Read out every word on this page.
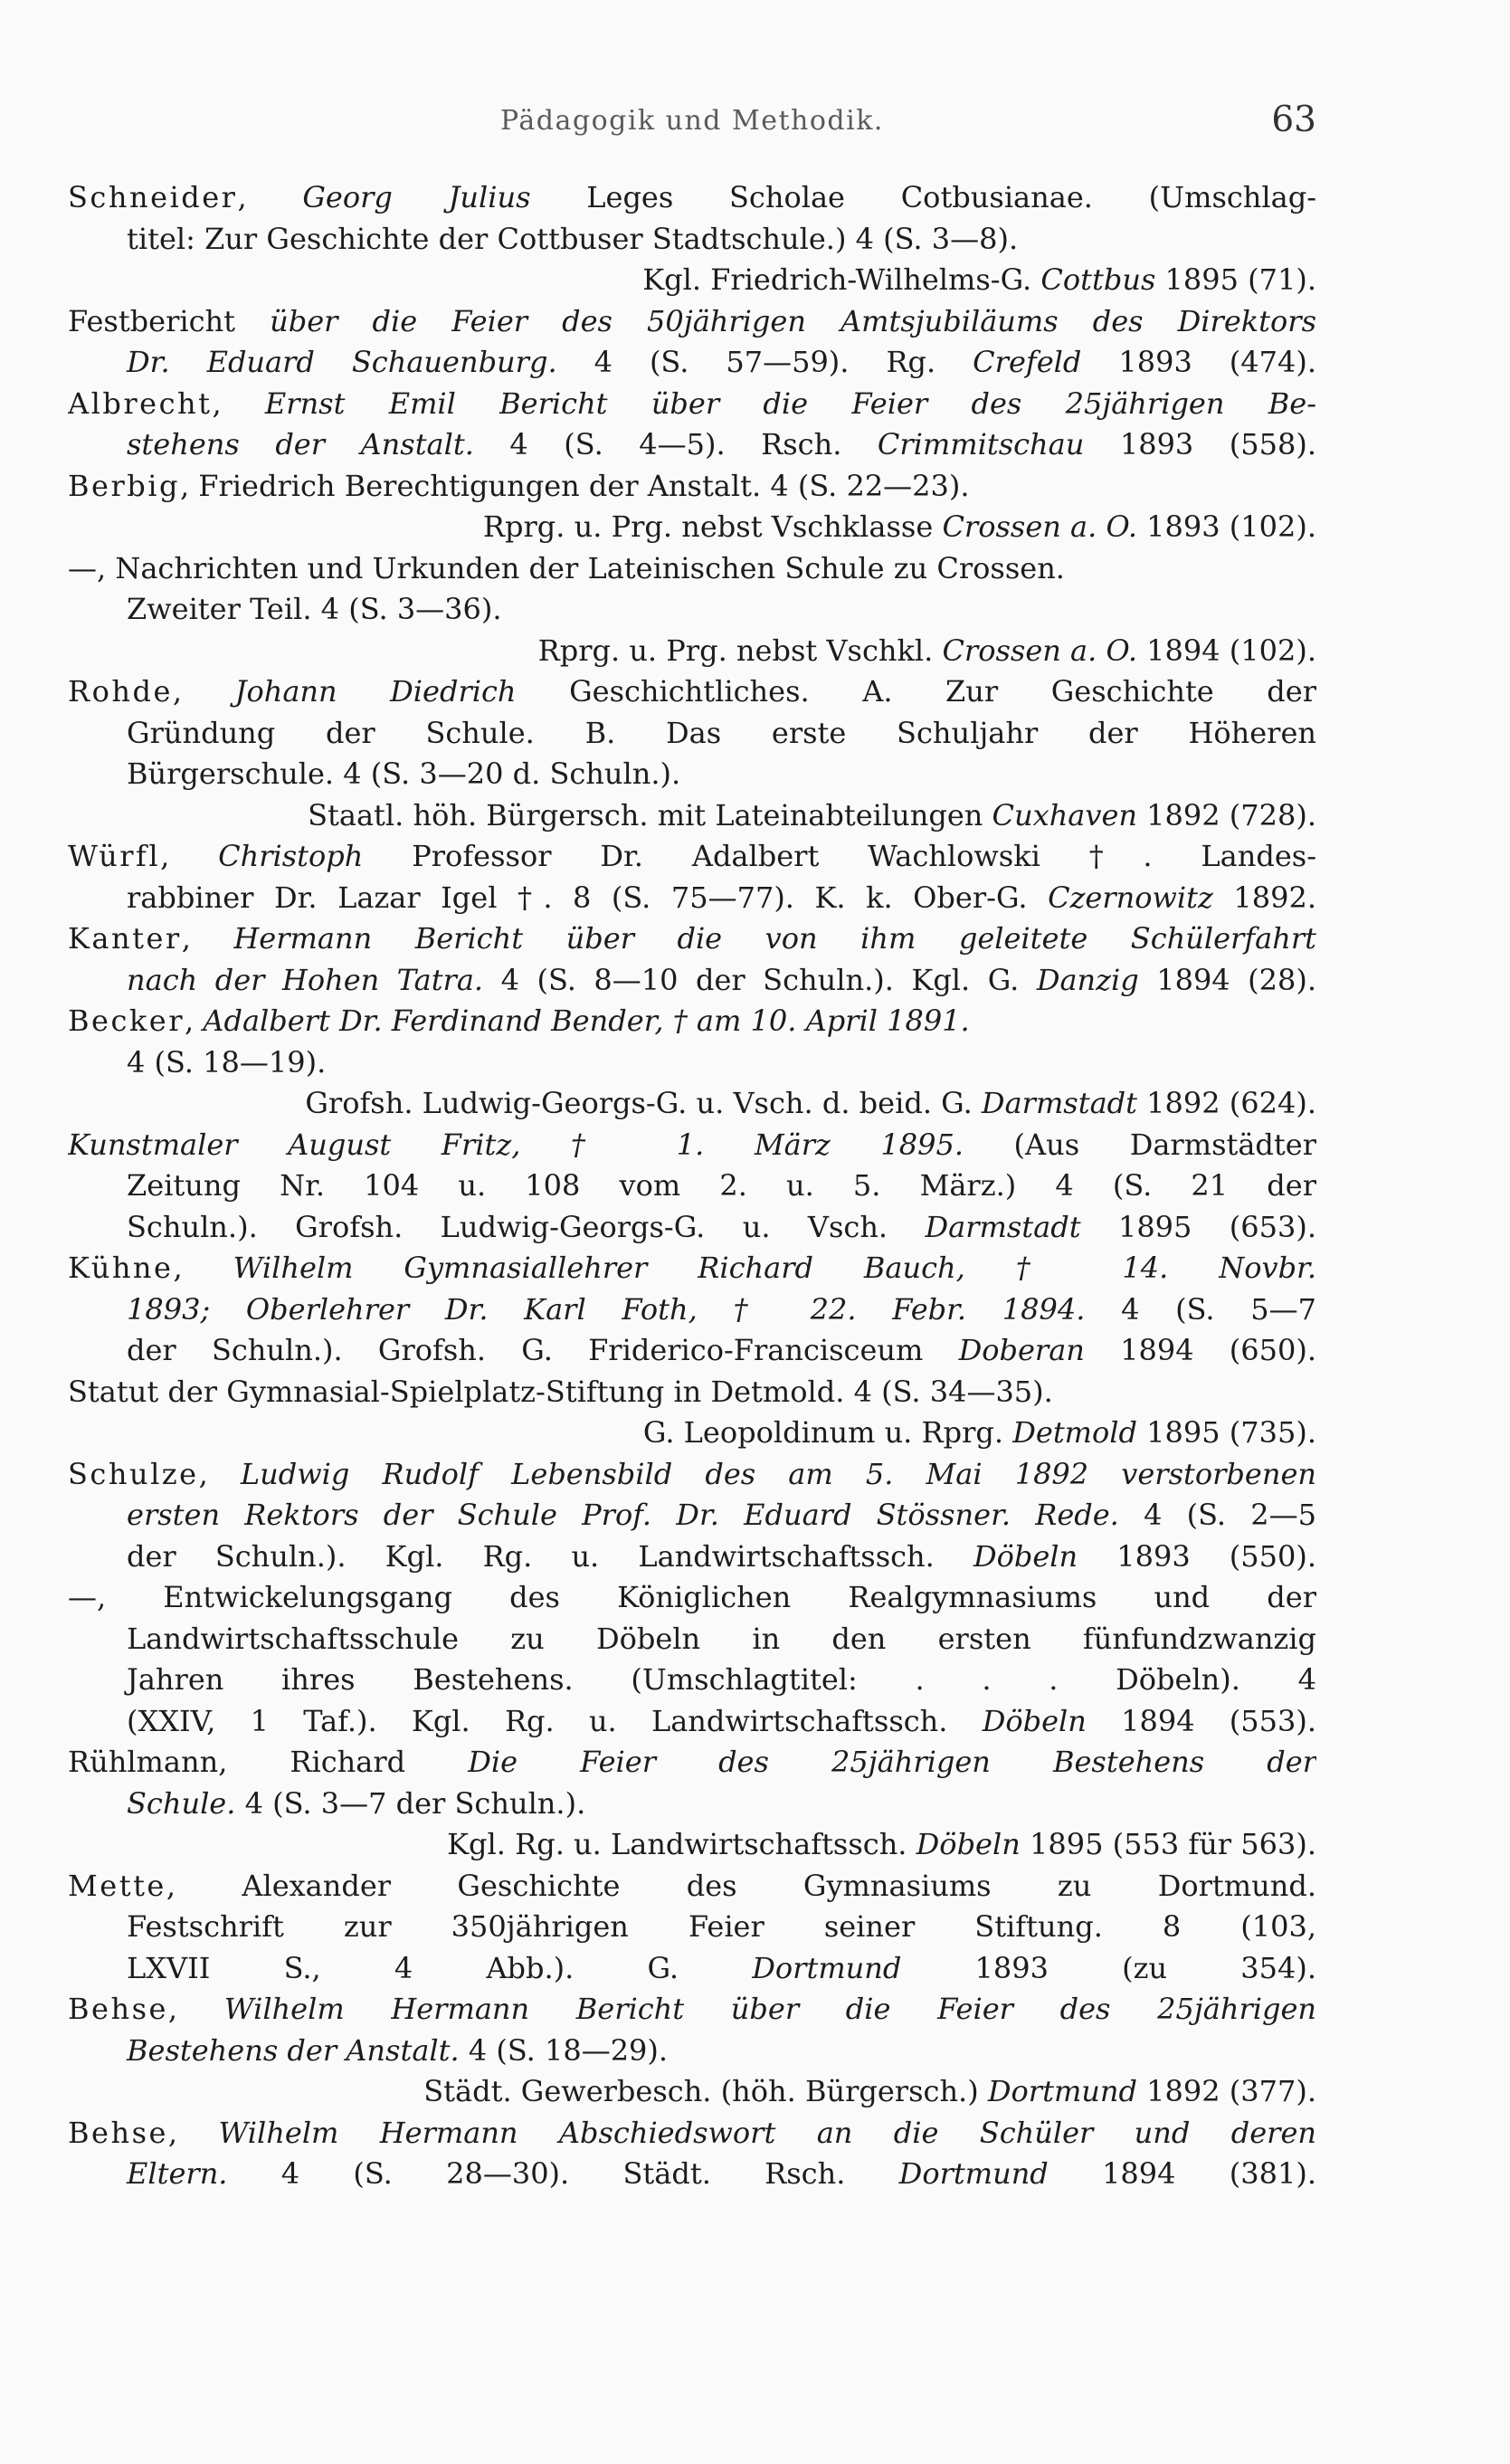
Pädagogik und Methodik.	63
Schneider, Georg Julius Leges Scholae Cotbusianae. (Umschlag-
titel: Zur Geschichte der Cottbuser Stadtschule.) 4 (S. 3—8).
Kgl. Friedrich-Wilhelms-G. Cottbus 1895 (71).
Festbericht über die Feier des 50jährigen Amtsjubiläums des Direktors
Dr. Eduard Schauenburg. 4 (S. 57—59). Rg. Crefeld 1893 (474).
Albrecht, Ernst Emil Bericht über die Feier des 25jährigen Be-
stehens der Anstalt. 4 (S. 4—5). Rsch. Crimmitschau 1893 (558).
Berbig, Friedrich Berechtigungen der Anstalt. 4 (S. 22—23).
Rprg. u. Prg. nebst Vschklasse Crossen a. O. 1893 (102).
—, Nachrichten und Urkunden der Lateinischen Schule zu Crossen.
Zweiter Teil. 4 (S. 3—36).
Rprg. u. Prg. nebst Vschkl. Crossen a. O. 1894 (102).
Rohde, Johann Diedrich Geschichtliches. A. Zur Geschichte der
Gründung der Schule. B. Das erste Schuljahr der Höheren
Bürgerschule. 4 (S. 3—20 d. Schuln.).
Staatl. höh. Bürgersch. mit Lateinabteilungen Cuxhaven 1892 (728).
Würfl, Christoph Professor Dr. Adalbert Wachlowski †. Landes-
rabbiner Dr. Lazar Igel †. 8 (S. 75—77). K. k. Ober-G. Czernowitz 1892.
Kanter, Hermann Bericht über die von ihm geleitete Schülerfahrt
nach der Hohen Tatra. 4 (S. 8—10 der Schuln.). Kgl. G. Danzig 1894 (28).
Becker, Adalbert Dr. Ferdinand Bender, † am 10. April 1891.
4 (S. 18—19).
Grofsh. Ludwig-Georgs-G. u. Vsch. d. beid. G. Darmstadt 1892 (624).
Kunstmaler August Fritz, † 1. März 1895. (Aus Darmstädter
Zeitung Nr. 104 u. 108 vom 2. u. 5. März.) 4 (S. 21 der
Schuln.). Grofsh. Ludwig-Georgs-G. u. Vsch. Darmstadt 1895 (653).
Kühne, Wilhelm Gymnasiallehrer Richard Bauch, † 14. Novbr.
1893; Oberlehrer Dr. Karl Foth, † 22. Febr. 1894. 4 (S. 5—7
der Schuln.). Grofsh. G. Friderico-Francisceum Doberan 1894 (650).
Statut der Gymnasial-Spielplatz-Stiftung in Detmold. 4 (S. 34—35).
G. Leopoldinum u. Rprg. Detmold 1895 (735).
Schulze, Ludwig Rudolf Lebensbild des am 5. Mai 1892 verstorbenen
ersten Rektors der Schule Prof. Dr. Eduard Stössner. Rede. 4 (S. 2—5
der Schuln.). Kgl. Rg. u. Landwirtschaftssch. Döbeln 1893 (550).
—, Entwickelungsgang des Königlichen Realgymnasiums und der
Landwirtschaftsschule zu Döbeln in den ersten fünfundzwanzig
Jahren ihres Bestehens. (Umschlagtitel: . . . Döbeln). 4
(XXIV, 1 Taf.). Kgl. Rg. u. Landwirtschaftssch. Döbeln 1894 (553).
Rühlmann, Richard Die Feier des 25jährigen Bestehens der
Schule. 4 (S. 3—7 der Schuln.).
Kgl. Rg. u. Landwirtschaftssch. Döbeln 1895 (553 für 563).
Mette, Alexander Geschichte des Gymnasiums zu Dortmund.
Festschrift zur 350jährigen Feier seiner Stiftung. 8 (103,
LXVII S., 4 Abb.). G. Dortmund 1893 (zu 354).
Behse, Wilhelm Hermann Bericht über die Feier des 25jährigen
Bestehens der Anstalt. 4 (S. 18—29).
Städt. Gewerbesch. (höh. Bürgersch.) Dortmund 1892 (377).
Behse, Wilhelm Hermann Abschiedswort an die Schüler und deren
Eltern. 4 (S. 28—30). Städt. Rsch. Dortmund 1894 (381).
